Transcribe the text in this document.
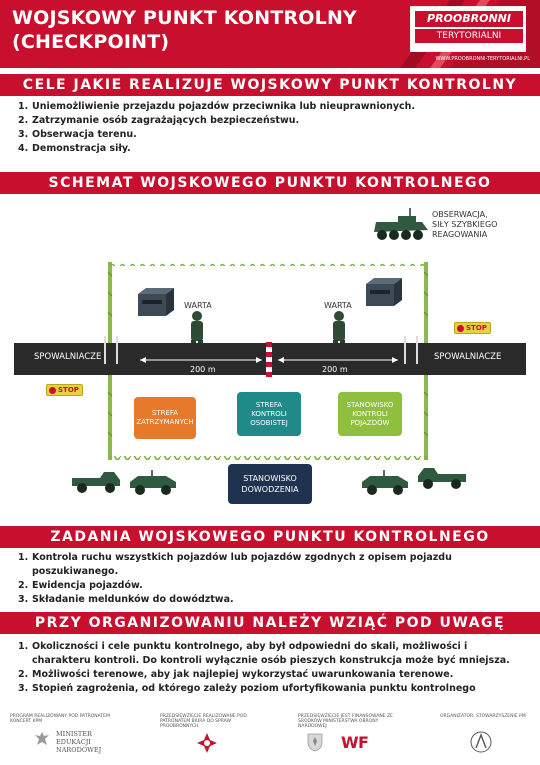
WOJSKOWY PUNKT KONTROLNY
(CHECKPOINT)
PROOBRONNI
TERYTORIALNI
WWW.PROOBRONNI-TERYTORIALNI.PL
CELE JAKIE REALIZUJE WOJSKOWY PUNKT KONTROLNY
1. Uniemożliwienie przejazdu pojazdów przeciwnika lub nieuprawnionych.
2. Zatrzymanie osób zagrażających bezpieczeństwu.
3. Obserwacja terenu.
4. Demonstracja siły.
SCHEMAT WOJSKOWEGO PUNKTU KONTROLNEGO
OBSERWACJA,
SIŁY SZYBKIEGO
REAGOWANIA
WARTA	WARTA
SPOWALNIACZE	SPOWALNIACZE
200 m	200 m
STOP
STOP
STREFA
ZATRZYMANYCH
STREFA
KONTROLI
OSOBISTEJ
STANOWISKO
KONTROLI
POJAZDÓW
STANOWISKO
DOWODZENIA
ZADANIA WOJSKOWEGO PUNKTU KONTROLNEGO
1. Kontrola ruchu wszystkich pojazdów lub pojazdów zgodnych z opisem pojazdu poszukiwanego.
2. Ewidencja pojazdów.
3. Składanie meldunków do dowództwa.
PRZY ORGANIZOWANIU NALEŻY WZIĄĆ POD UWAGĘ
1. Okoliczności i cele punktu kontrolnego, aby był odpowiedni do skali, możliwości i charakteru kontroli. Do kontroli wyłącznie osób pieszych konstrukcja może być mniejsza.
2. Możliwości terenowe, aby jak najlepiej wykorzystać uwarunkowania terenowe.
3. Stopień zagrożenia, od którego zależy poziom ufortyfikowania punktu kontrolnego
PROGRAM REALIZOWANY POD PATRONATEM KONCERT KPM
MINISTER
EDUKACJI
NARODOWEJ
PRZEDSIĘWZIĘCIE REALIZOWANE POD PATRONATEM BIURA DO SPRAW PROOBRONNYCH
PRZEDSIĘWZIĘCIE JEST FINANSOWANE ZE ŚRODKÓW MINISTERSTWA OBRONY NARODOWEJ
W F
ORGANIZATOR: STOWARZYSZENIE PM
